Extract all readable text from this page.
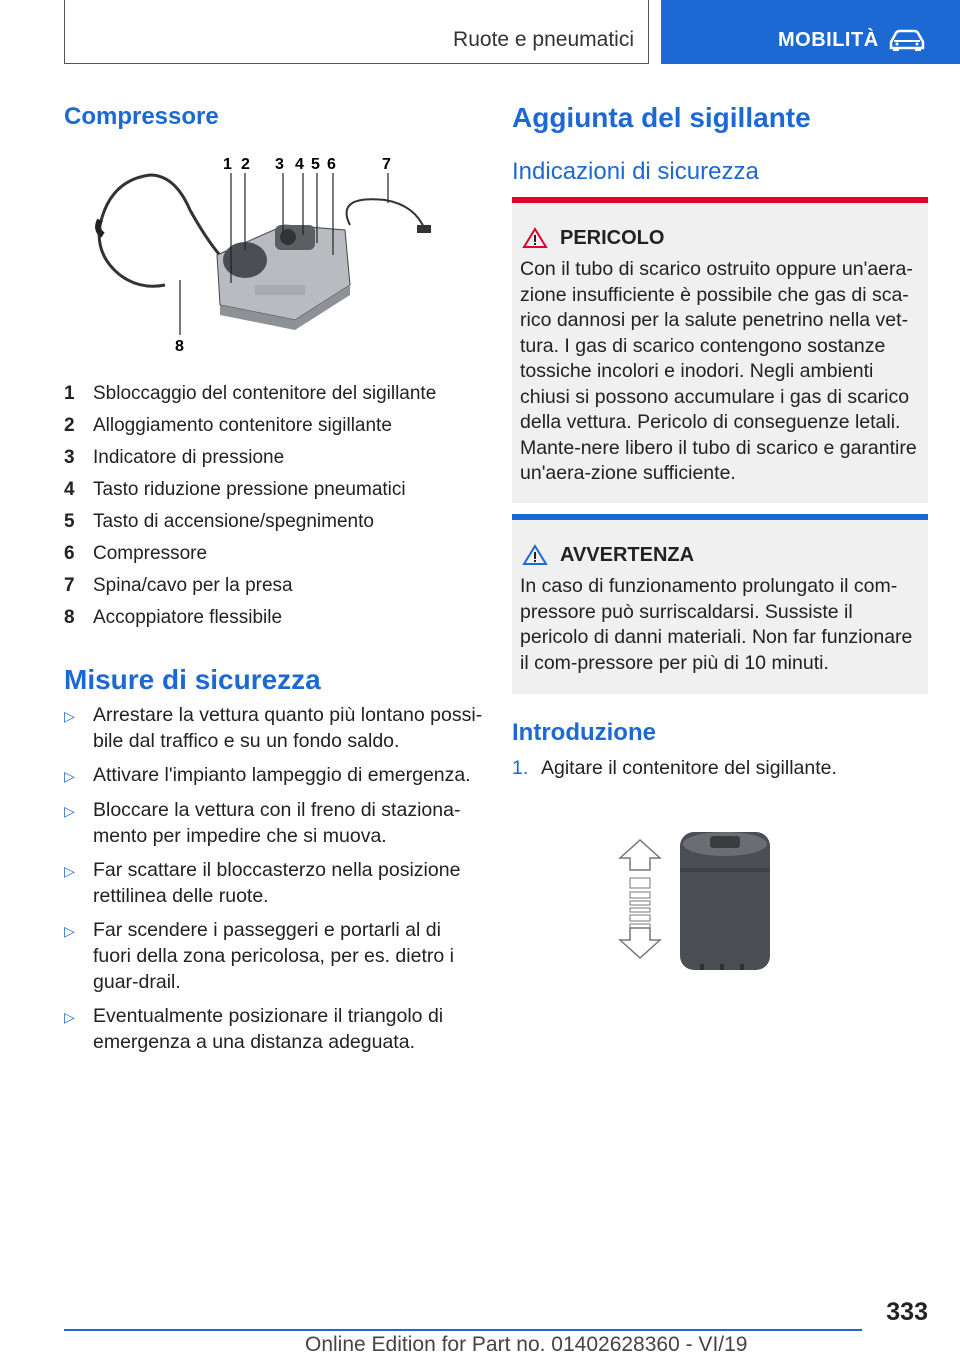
Ruote e pneumatici	MOBILITÀ
Compressore
1 2 3 4 5 6	7
8
1 Sbloccaggio del contenitore del sigillante
2 Alloggiamento contenitore sigillante
3 Indicatore di pressione
4 Tasto riduzione pressione pneumatici
5 Tasto di accensione/spegnimento
6 Compressore
7 Spina/cavo per la presa
8 Accoppiatore flessibile
Misure di sicurezza
▷ Arrestare la vettura quanto più lontano possi-bile dal traffico e su un fondo saldo.
▷ Attivare l'impianto lampeggio di emergenza.
▷ Bloccare la vettura con il freno di staziona-mento per impedire che si muova.
▷ Far scattare il bloccasterzo nella posizione rettilinea delle ruote.
▷ Far scendere i passeggeri e portarli al di fuori della zona pericolosa, per es. dietro i guar-drail.
▷ Eventualmente posizionare il triangolo di emergenza a una distanza adeguata.
Aggiunta del sigillante
Indicazioni di sicurezza
PERICOLO
Con il tubo di scarico ostruito oppure un'aera-zione insufficiente è possibile che gas di sca-rico dannosi per la salute penetrino nella vet-tura. I gas di scarico contengono sostanze tossiche incolori e inodori. Negli ambienti chiusi si possono accumulare i gas di scarico della vettura. Pericolo di conseguenze letali. Mante-nere libero il tubo di scarico e garantire un'aera-zione sufficiente.
AVVERTENZA
In caso di funzionamento prolungato il com-pressore può surriscaldarsi. Sussiste il pericolo di danni materiali. Non far funzionare il com-pressore per più di 10 minuti.
Introduzione
1. Agitare il contenitore del sigillante.
333
Online Edition for Part no. 01402628360 - VI/19
